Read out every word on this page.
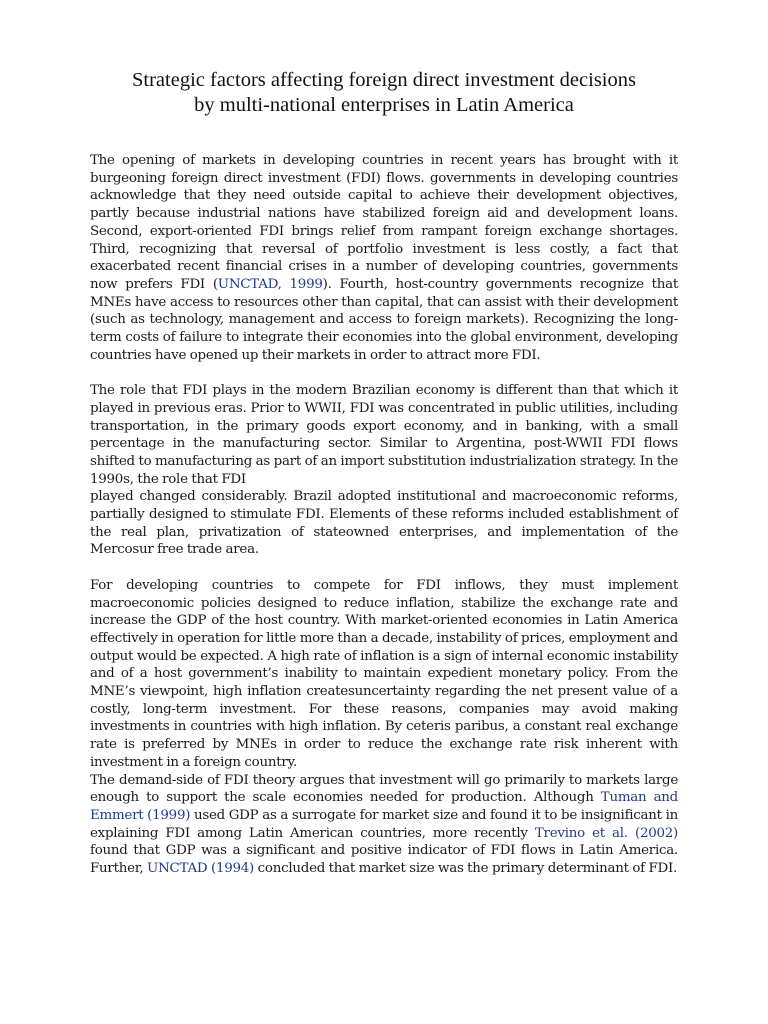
Strategic factors affecting foreign direct investment decisions
by multi-national enterprises in Latin America

The opening of markets in developing countries in recent years has brought with it burgeoning foreign direct investment (FDI) flows. governments in developing countries acknowledge that they need outside capital to achieve their development objectives, partly because industrial nations have stabilized foreign aid and development loans. Second, export-oriented FDI brings relief from rampant foreign exchange shortages. Third, recognizing that reversal of portfolio investment is less costly, a fact that exacerbated recent financial crises in a number of developing countries, governments now prefers FDI (UNCTAD, 1999). Fourth, host-country governments recognize that MNEs have access to resources other than capital, that can assist with their development (such as technology, management and access to foreign markets). Recognizing the long-term costs of failure to integrate their economies into the global environment, developing countries have opened up their markets in order to attract more FDI.

The role that FDI plays in the modern Brazilian economy is different than that which it played in previous eras. Prior to WWII, FDI was concentrated in public utilities, including transportation, in the primary goods export economy, and in banking, with a small percentage in the manufacturing sector. Similar to Argentina, post-WWII FDI flows shifted to manufacturing as part of an import substitution industrialization strategy. In the 1990s, the role that FDI
played changed considerably. Brazil adopted institutional and macroeconomic reforms, partially designed to stimulate FDI. Elements of these reforms included establishment of the real plan, privatization of stateowned enterprises, and implementation of the Mercosur free trade area.

For developing countries to compete for FDI inflows, they must implement macroeconomic policies designed to reduce inflation, stabilize the exchange rate and increase the GDP of the host country. With market-oriented economies in Latin America effectively in operation for little more than a decade, instability of prices, employment and output would be expected. A high rate of inflation is a sign of internal economic instability and of a host government’s inability to maintain expedient monetary policy. From the MNE’s viewpoint, high inflation createsuncertainty regarding the net present value of a costly, long-term investment. For these reasons, companies may avoid making investments in countries with high inflation. By ceteris paribus, a constant real exchange rate is preferred by MNEs in order to reduce the exchange rate risk inherent with investment in a foreign country.

The demand-side of FDI theory argues that investment will go primarily to markets large enough to support the scale economies needed for production. Although Tuman and Emmert (1999) used GDP as a surrogate for market size and found it to be insignificant in explaining FDI among Latin American countries, more recently Trevino et al. (2002) found that GDP was a significant and positive indicator of FDI flows in Latin America. Further, UNCTAD (1994) concluded that market size was the primary determinant of FDI.
